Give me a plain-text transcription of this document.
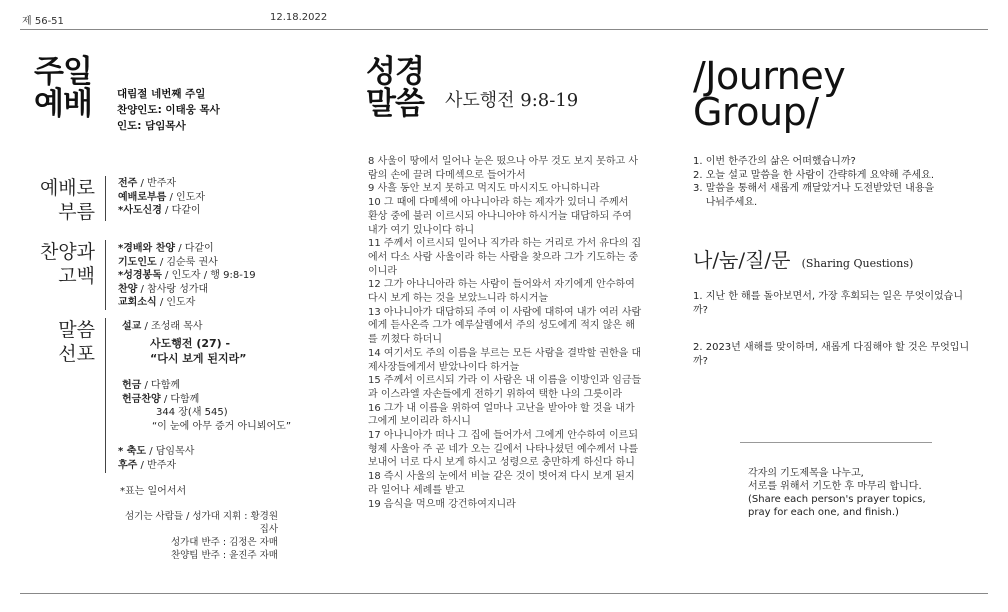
제 56-51	12.18.2022
주일
예배 대림절 네번째 주일
찬양인도: 이태웅 목사
인도: 담임목사
예배로
부름
전주 / 반주자
예배로부름 / 인도자
*사도신경 / 다같이
찬양과
고백
*경배와 찬양 / 다같이
기도인도 / 김순룩 권사
*성경봉독 / 인도자 / 행 9:8-19
찬양 / 참사랑 성가대
교회소식 / 인도자
말씀
선포
설교 / 조성래 목사
사도행전 (27) -
“다시 보게 된지라”
헌금 / 다함께
헌금찬양 / 다함께
344 장(새 545)
“이 눈에 아무 증거 아니뵈어도”
* 축도 / 담임목사
후주 / 반주자
*표는 일어서서
섬기는 사람들 / 성가대 지휘 : 황경원 집사
성가대 반주 : 김정은 자매
찬양팀 반주 : 윤진주 자매
성경
말씀 사도행전 9:8-19

8 사울이 땅에서 일어나 눈은 떴으나 아무 것도 보지 못하고 사

람의 손에 끌려 다메섹으로 들어가서

9 사흘 동안 보지 못하고 먹지도 마시지도 아니하니라

10 그 때에 다메섹에 아나니아라 하는 제자가 있더니 주께서

환상 중에 불러 이르시되 아나니아야 하시거늘 대답하되 주여

내가 여기 있나이다 하니

11 주께서 이르시되 일어나 직가라 하는 거리로 가서 유다의 집

에서 다소 사람 사울이라 하는 사람을 찾으라 그가 기도하는 중

이니라

12 그가 아나니아라 하는 사람이 들어와서 자기에게 안수하여

다시 보게 하는 것을 보았느니라 하시거늘

13 아나니아가 대답하되 주여 이 사람에 대하여 내가 여러 사람

에게 듣사온즉 그가 예루살렘에서 주의 성도에게 적지 않은 해

를 끼쳤다 하더니

14 여기서도 주의 이름을 부르는 모든 사람을 결박할 권한을 대

제사장들에게서 받았나이다 하거늘

15 주께서 이르시되 가라 이 사람은 내 이름을 이방인과 임금들

과 이스라엘 자손들에게 전하기 위하여 택한 나의 그릇이라

16 그가 내 이름을 위하여 얼마나 고난을 받아야 할 것을 내가

그에게 보이리라 하시니

17 아나니아가 떠나 그 집에 들어가서 그에게 안수하여 이르되

형제 사울아 주 곧 네가 오는 길에서 나타나셨던 예수께서 나를

보내어 너로 다시 보게 하시고 성령으로 충만하게 하신다 하니

18 즉시 사울의 눈에서 비늘 같은 것이 벗어져 다시 보게 된지

라 일어나 세례를 받고

19 음식을 먹으매 강건하여지니라

/Journey
Group/
1. 이번 한주간의 삶은 어떠했습니까?
2. 오늘 설교 말씀을 한 사람이 간략하게 요약해 주세요.
3. 말씀을 통해서 새롭게 깨달았거나 도전받았던 내용을
나눠주세요.
나/눔/질/문 (Sharing Questions)
1. 지난 한 해를 돌아보면서, 가장 후회되는 일은 무엇이었습니
까?
2. 2023년 새해를 맞이하며, 새롭게 다짐해야 할 것은 무엇입니
까?
각자의 기도제목을 나누고,
서로를 위해서 기도한 후 마무리 합니다.
(Share each person's prayer topics,
pray for each one, and finish.)
